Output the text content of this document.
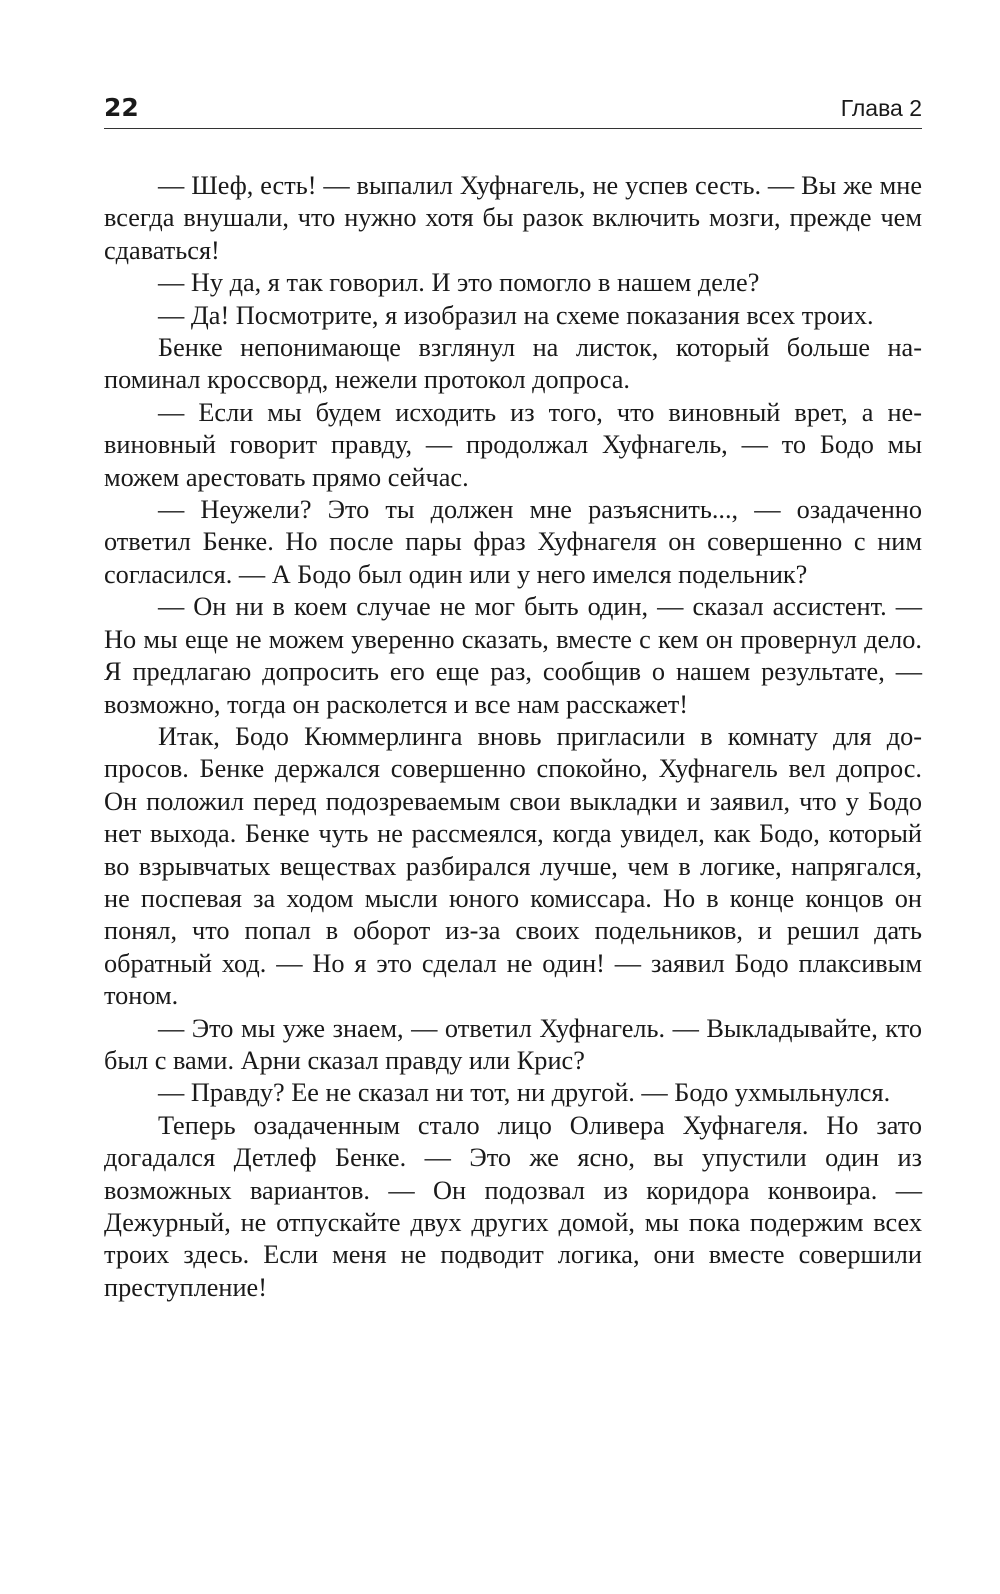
22	Глава 2

— Шеф, есть! — выпалил Хуфнагель, не успев сесть. — Вы же мне всегда внушали, что нужно хотя бы разок включить мозги, прежде чем сдаваться!

— Ну да, я так говорил. И это помогло в нашем деле?

— Да! Посмотрите, я изобразил на схеме показания всех троих.

Бенке непонимающе взглянул на листок, который больше напоминал кроссворд, нежели протокол допроса.

— Если мы будем исходить из того, что виновный врет, а невиновный говорит правду, — продолжал Хуфнагель, — то Бодо мы можем арестовать прямо сейчас.

— Неужели? Это ты должен мне разъяснить..., — озадаченно ответил Бенке. Но после пары фраз Хуфнагеля он совершенно с ним согласился. — А Бодо был один или у него имелся подельник?

— Он ни в коем случае не мог быть один, — сказал ассистент. — Но мы еще не можем уверенно сказать, вместе с кем он провернул дело. Я предлагаю допросить его еще раз, сообщив о нашем результате, — возможно, тогда он расколется и все нам расскажет!

Итак, Бодо Кюммерлинга вновь пригласили в комнату для допросов. Бенке держался совершенно спокойно, Хуфнагель вел допрос. Он положил перед подозреваемым свои выкладки и заявил, что у Бодо нет выхода. Бенке чуть не рассмеялся, когда увидел, как Бодо, который во взрывчатых веществах разбирался лучше, чем в логике, напрягался, не поспевая за ходом мысли юного комиссара. Но в конце концов он понял, что попал в оборот из-за своих подельников, и решил дать обратный ход. — Но я это сделал не один! — заявил Бодо плаксивым тоном.

— Это мы уже знаем, — ответил Хуфнагель. — Выкладывайте, кто был с вами. Арни сказал правду или Крис?

— Правду? Ее не сказал ни тот, ни другой. — Бодо ухмыльнулся.

Теперь озадаченным стало лицо Оливера Хуфнагеля. Но зато догадался Детлеф Бенке. — Это же ясно, вы упустили один из возможных вариантов. — Он подозвал из коридора конвоира. — Дежурный, не отпускайте двух других домой, мы пока подержим всех троих здесь. Если меня не подводит логика, они вместе совершили преступление!
